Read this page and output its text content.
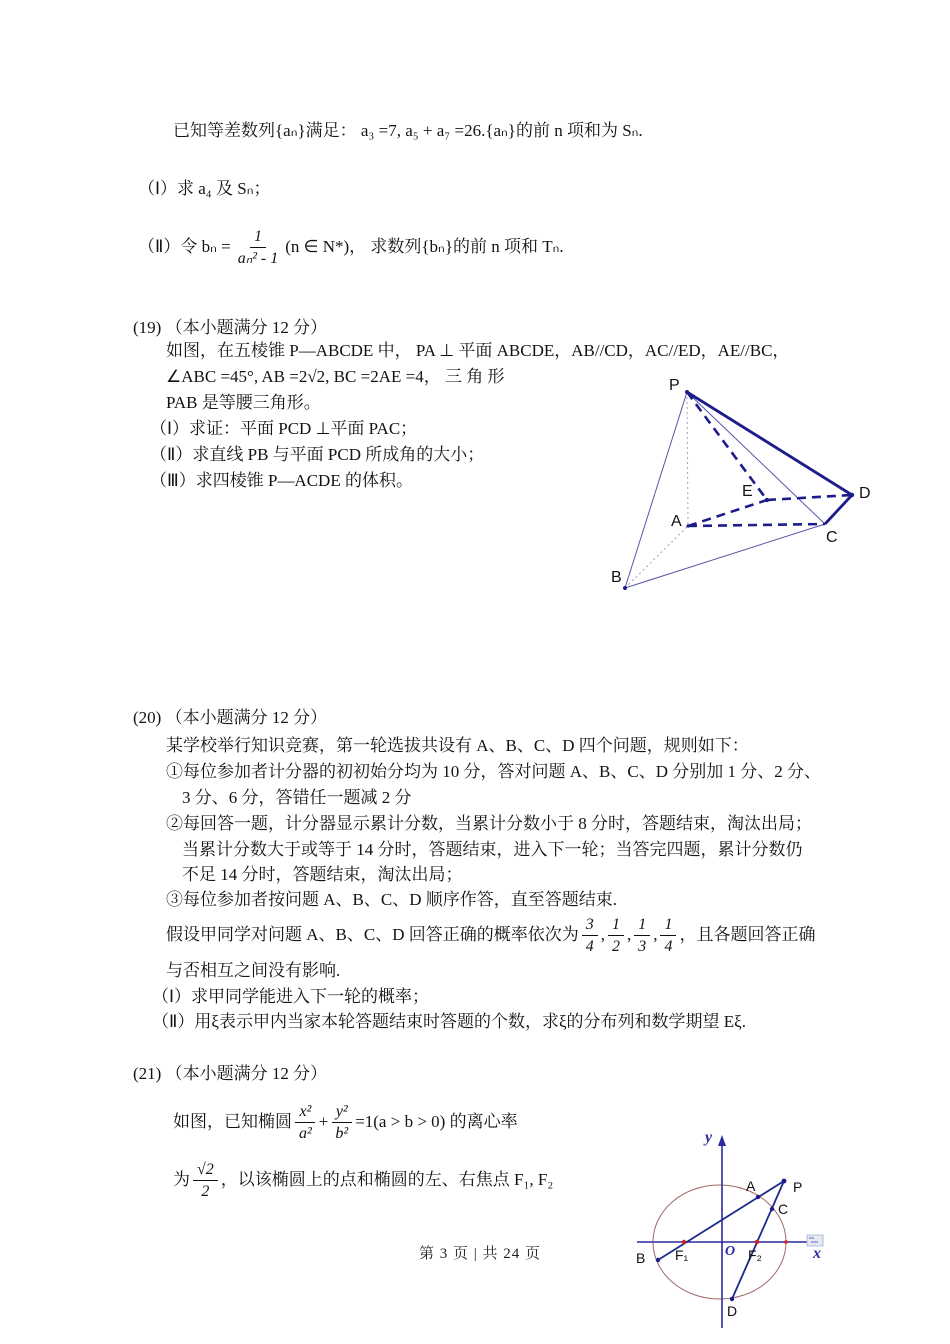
已知等差数列{aₙ}满足： a₃ =7, a₅ + a₇ =26.{aₙ}的前 n 项和为 Sₙ.
（Ⅰ）求 a₄ 及 Sₙ；
（Ⅱ）令 $b_n = \frac{1}{\text{aₙ² - 1}} (n$ ∈ N*)， 求数列{bₙ}的前 n 项和 Tₙ.
(19) （本小题满分 12 分）
如图，在五棱锥 P—ABCDE 中， PA ⊥ 平面 ABCDE，AB//CD，AC//ED，AE//BC，
∠ABC =45°, AB =2√2, BC =2AE =4， 三 角 形
PAB 是等腰三角形。
（Ⅰ）求证：平面 PCD ⊥平面 PAC；
（Ⅱ）求直线 PB 与平面 PCD 所成角的大小；
（Ⅲ）求四棱锥 P—ACDE 的体积。
P
A
B
C
D
E
(20) （本小题满分 12 分）
某学校举行知识竞赛，第一轮选拔共设有 A、B、C、D 四个问题，规则如下：
①每位参加者计分器的初初始分均为 10 分，答对问题 A、B、C、D 分别加 1 分、2 分、
3 分、6 分，答错任一题减 2 分
②每回答一题，计分器显示累计分数，当累计分数小于 8 分时，答题结束，淘汰出局；
当累计分数大于或等于 14 分时，答题结束，进入下一轮；当答完四题，累计分数仍
不足 14 分时，答题结束，淘汰出局；
③每位参加者按问题 A、B、C、D 顺序作答，直至答题结束.
假设甲同学对问题 A、B、C、D 回答正确的概率依次为 $\frac{3}{4}$ , $\frac{1}{2}$ , $\frac{1}{3}$ , $\frac{1}{4}$ ， 且各题回答正确
与否相互之间没有影响.
（Ⅰ）求甲同学能进入下一轮的概率；
（Ⅱ）用ξ表示甲内当家本轮答题结束时答题的个数，求ξ的分布列和数学期望 Eξ.
(21) （本小题满分 12 分）
如图，已知椭圆 $\frac{\text{x²}}{\text{a²}} + \frac{\text{y²}}{\text{b²}} =1(a > b > 0)$ 的离心率
为 $\frac{√2}{2}$ ，以该椭圆上的点和椭圆的左、右焦点 F₁, F₂
y
x
O
A	P
C
B
D
F₁	F₂
第 3 页 | 共 24 页
